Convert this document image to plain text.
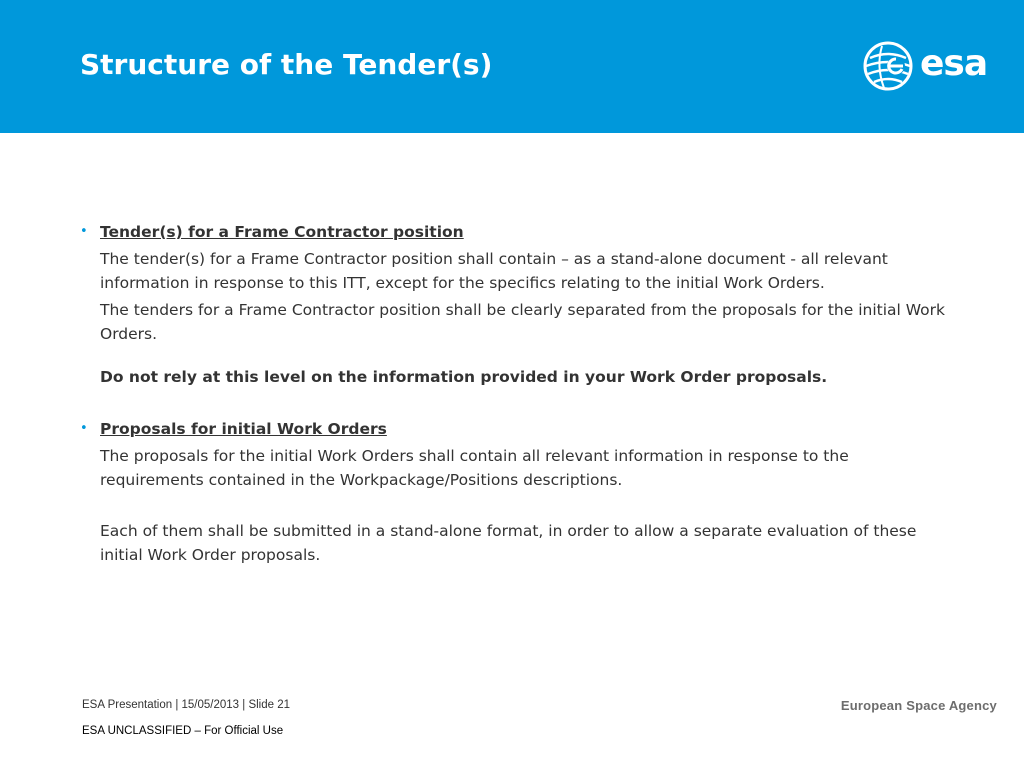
Structure of the Tender(s)	esa
• Tender(s) for a Frame Contractor position

The tender(s) for a Frame Contractor position shall contain – as a stand-alone document - all relevant information in response to this ITT, except for the specifics relating to the initial Work Orders.

The tenders for a Frame Contractor position shall be clearly separated from the proposals for the initial Work Orders.

Do not rely at this level on the information provided in your Work Order proposals.

• Proposals for initial Work Orders

The proposals for the initial Work Orders shall contain all relevant information in response to the requirements contained in the Workpackage/Positions descriptions.

Each of them shall be submitted in a stand-alone format, in order to allow a separate evaluation of these initial Work Order proposals.

ESA Presentation | 15/05/2013 | Slide 21
ESA UNCLASSIFIED – For Official Use
European Space Agency
